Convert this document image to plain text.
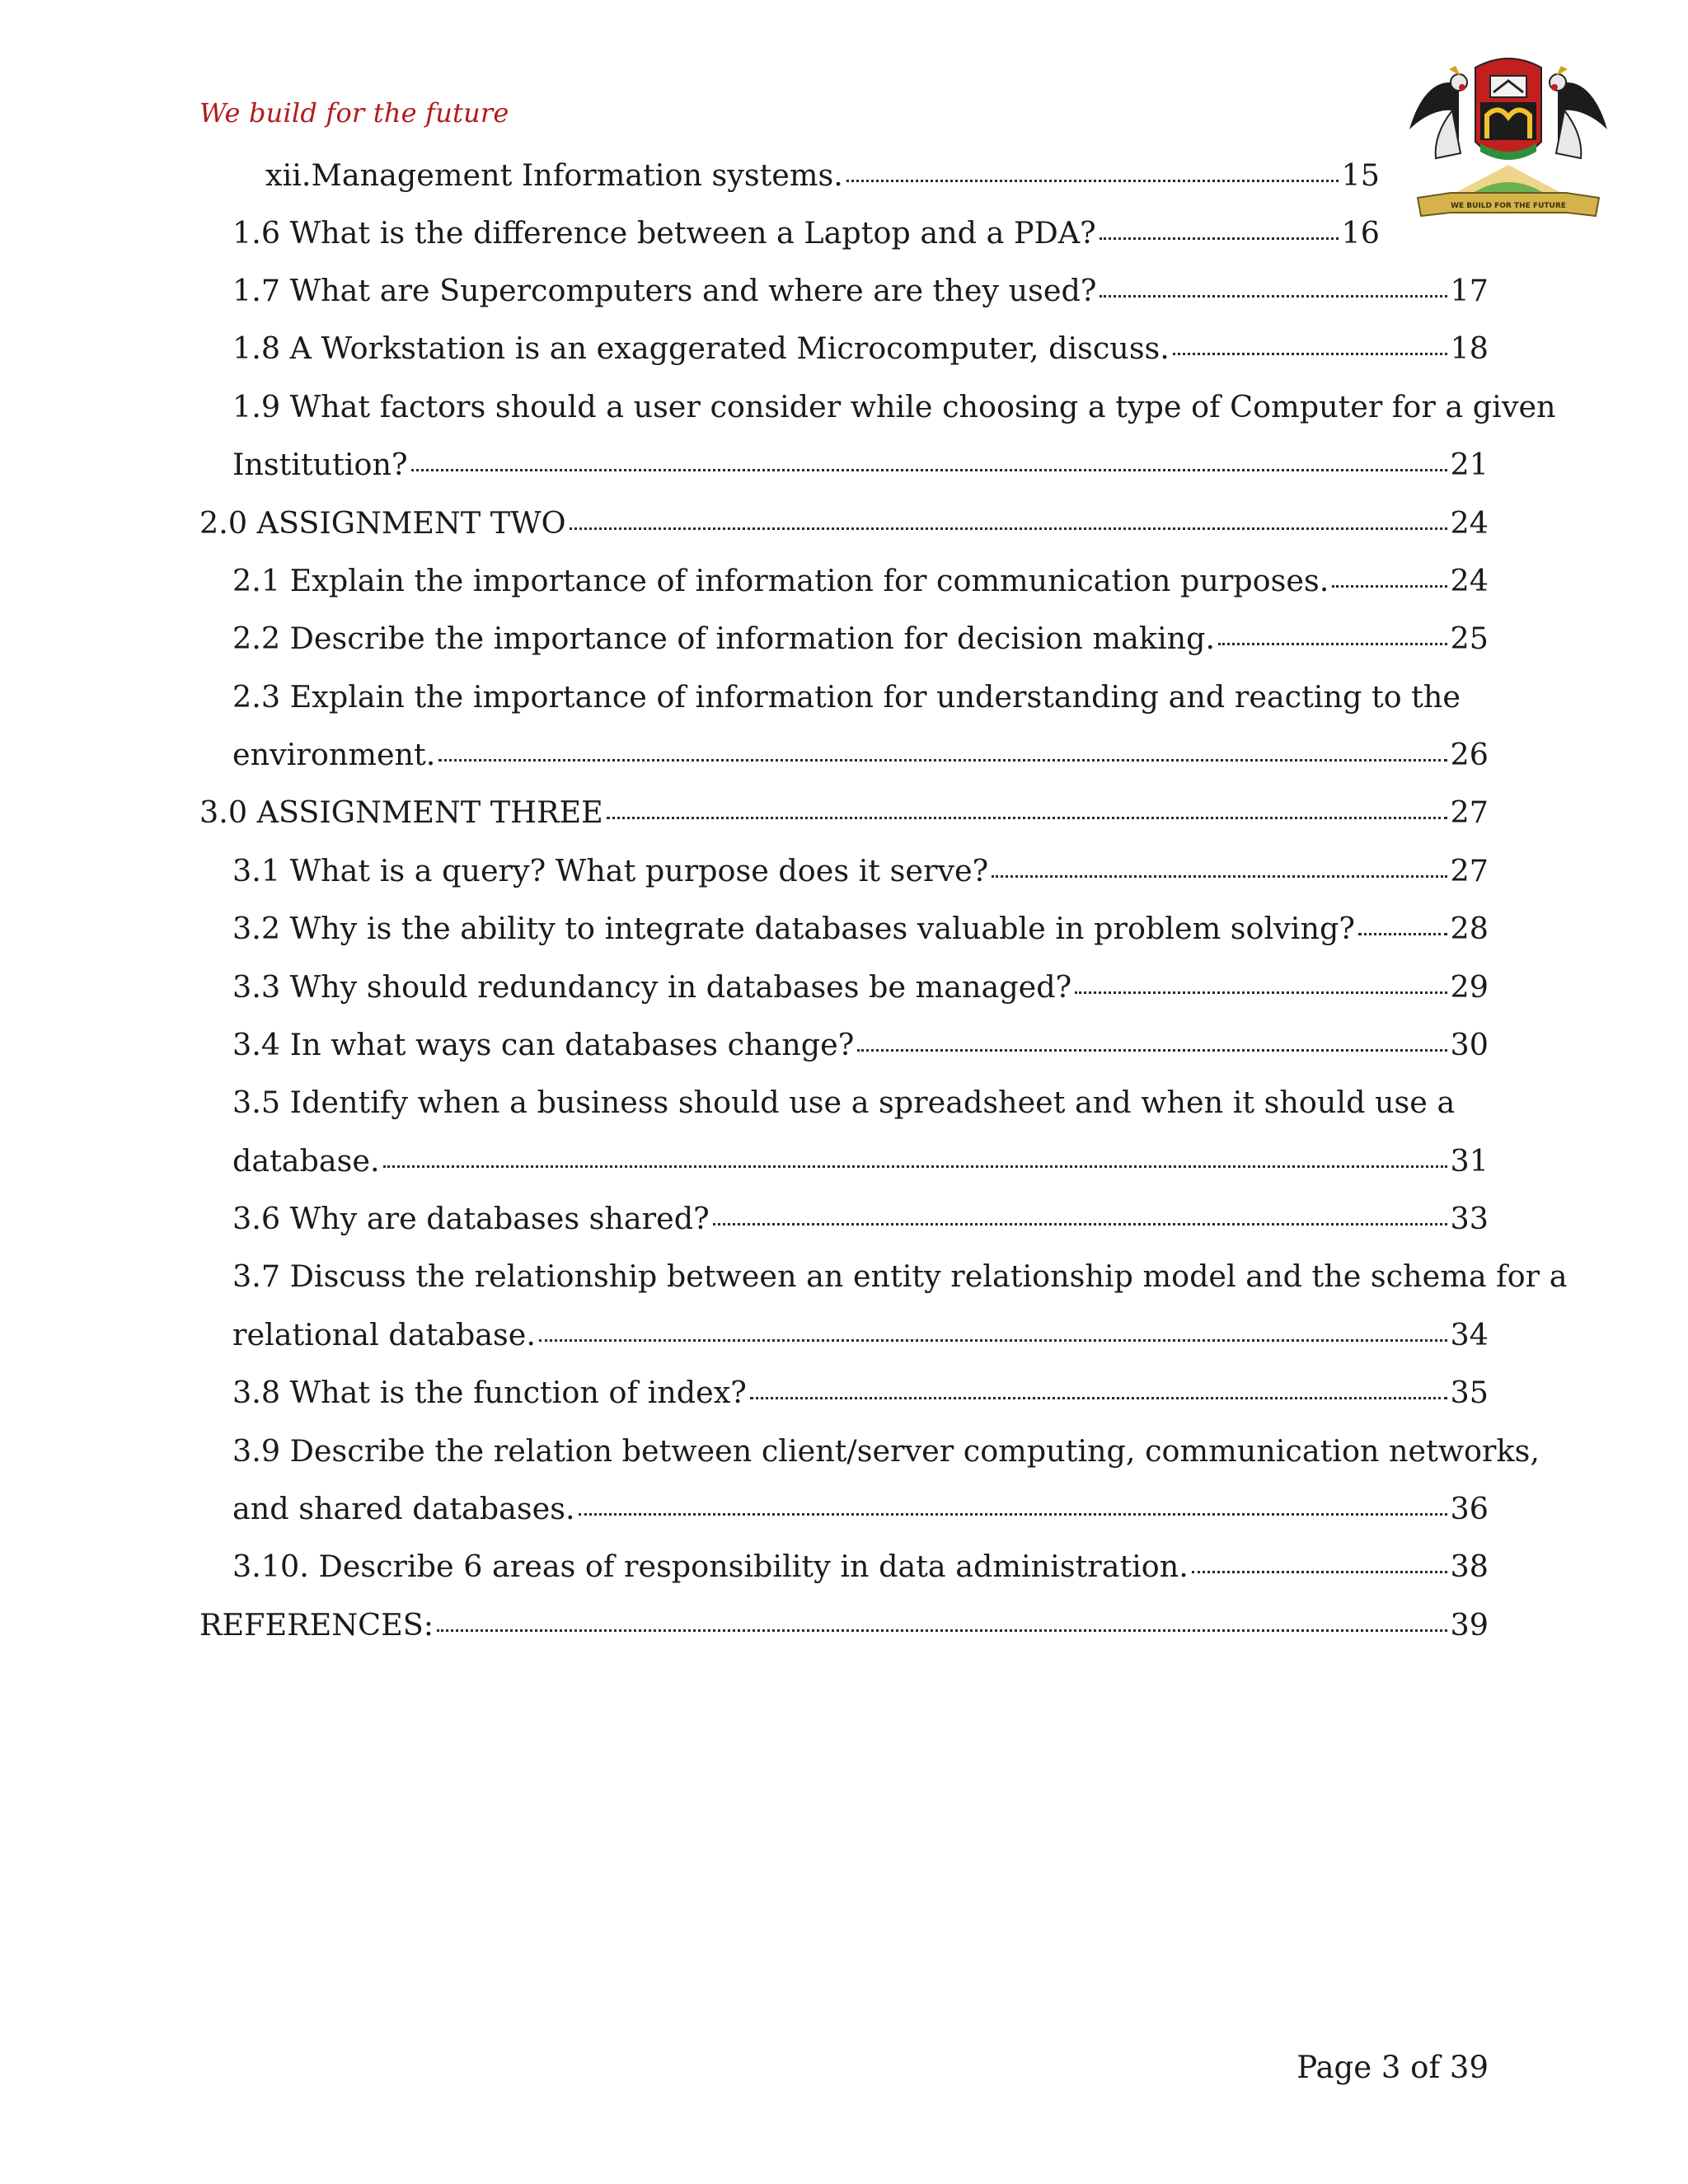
We build for the future
WE BUILD FOR THE FUTURE
xii.Management Information systems.	15
1.6 What is the difference between a Laptop and a PDA?	16
1.7 What are Supercomputers and where are they used?	17
1.8 A Workstation is an exaggerated Microcomputer, discuss.	18
1.9 What factors should a user consider while choosing a type of Computer for a given
Institution?	21
2.0 ASSIGNMENT TWO	24
2.1 Explain the importance of information for communication purposes.	24
2.2 Describe the importance of information for decision making.	25
2.3 Explain the importance of information for understanding and reacting to the
environment.	26
3.0 ASSIGNMENT THREE	27
3.1 What is a query? What purpose does it serve?	27
3.2 Why is the ability to integrate databases valuable in problem solving?	28
3.3 Why should redundancy in databases be managed?	29
3.4 In what ways can databases change?	30
3.5 Identify when a business should use a spreadsheet and when it should use a
database.	31
3.6 Why are databases shared?	33
3.7 Discuss the relationship between an entity relationship model and the schema for a
relational database.	34
3.8 What is the function of index?	35
3.9 Describe the relation between client/server computing, communication networks,
and shared databases.	36
3.10. Describe 6 areas of responsibility in data administration.	38
REFERENCES:	39
Page 3 of 39
